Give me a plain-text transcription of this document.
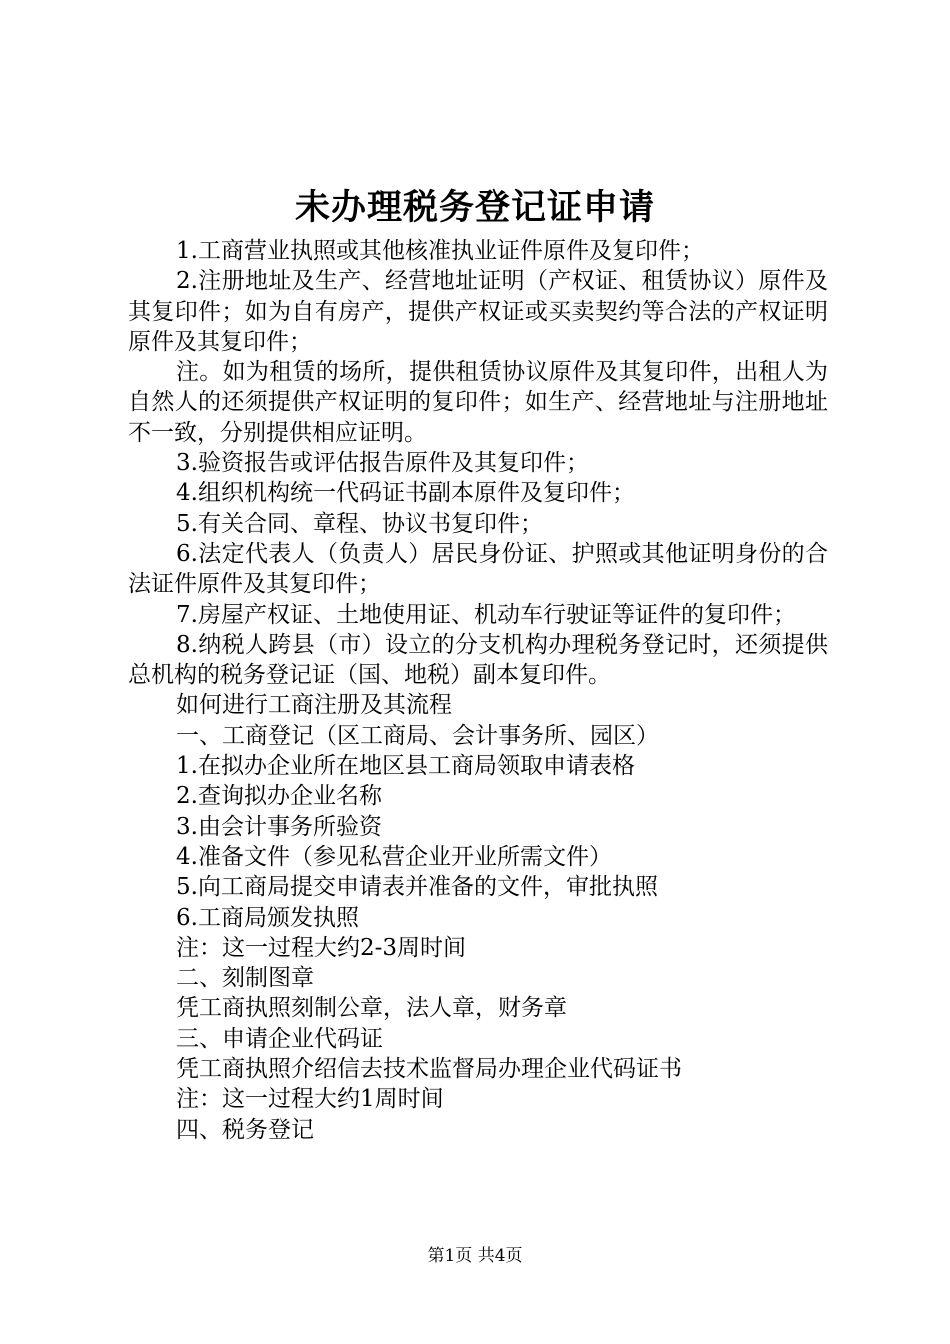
未办理税务登记证申请

1.工商营业执照或其他核准执业证件原件及复印件；

2.注册地址及生产、经营地址证明（产权证、租赁协议）原件及其复印件；如为自有房产，提供产权证或买卖契约等合法的产权证明原件及其复印件；

注。如为租赁的场所，提供租赁协议原件及其复印件，出租人为自然人的还须提供产权证明的复印件；如生产、经营地址与注册地址不一致，分别提供相应证明。

3.验资报告或评估报告原件及其复印件；

4.组织机构统一代码证书副本原件及复印件；

5.有关合同、章程、协议书复印件；

6.法定代表人（负责人）居民身份证、护照或其他证明身份的合法证件原件及其复印件；

7.房屋产权证、土地使用证、机动车行驶证等证件的复印件；

8.纳税人跨县（市）设立的分支机构办理税务登记时，还须提供总机构的税务登记证（国、地税）副本复印件。

如何进行工商注册及其流程

一、工商登记（区工商局、会计事务所、园区）

1.在拟办企业所在地区县工商局领取申请表格

2.查询拟办企业名称

3.由会计事务所验资

4.准备文件（参见私营企业开业所需文件）

5.向工商局提交申请表并准备的文件，审批执照

6.工商局颁发执照

注：这一过程大约2-3周时间

二、刻制图章

凭工商执照刻制公章，法人章，财务章

三、申请企业代码证

凭工商执照介绍信去技术监督局办理企业代码证书

注：这一过程大约1周时间

四、税务登记

第1页 共4页
